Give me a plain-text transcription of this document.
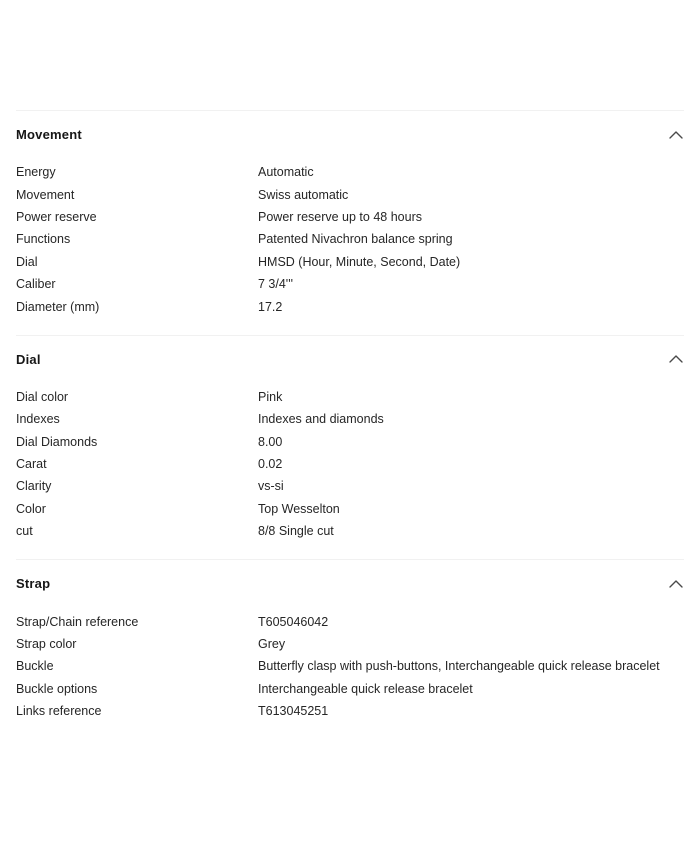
Movement
Energy	Automatic
Movement	Swiss automatic
Power reserve	Power reserve up to 48 hours
Functions	Patented Nivachron balance spring
Dial	HMSD (Hour, Minute, Second, Date)
Caliber	7 3/4'''
Diameter (mm)	17.2
Dial
Dial color	Pink
Indexes	Indexes and diamonds
Dial Diamonds	8.00
Carat	0.02
Clarity	vs-si
Color	Top Wesselton
cut	8/8 Single cut
Strap
Strap/Chain reference	T605046042
Strap color	Grey
Buckle	Butterfly clasp with push-buttons, Interchangeable quick release bracelet
Buckle options	Interchangeable quick release bracelet
Links reference	T613045251
